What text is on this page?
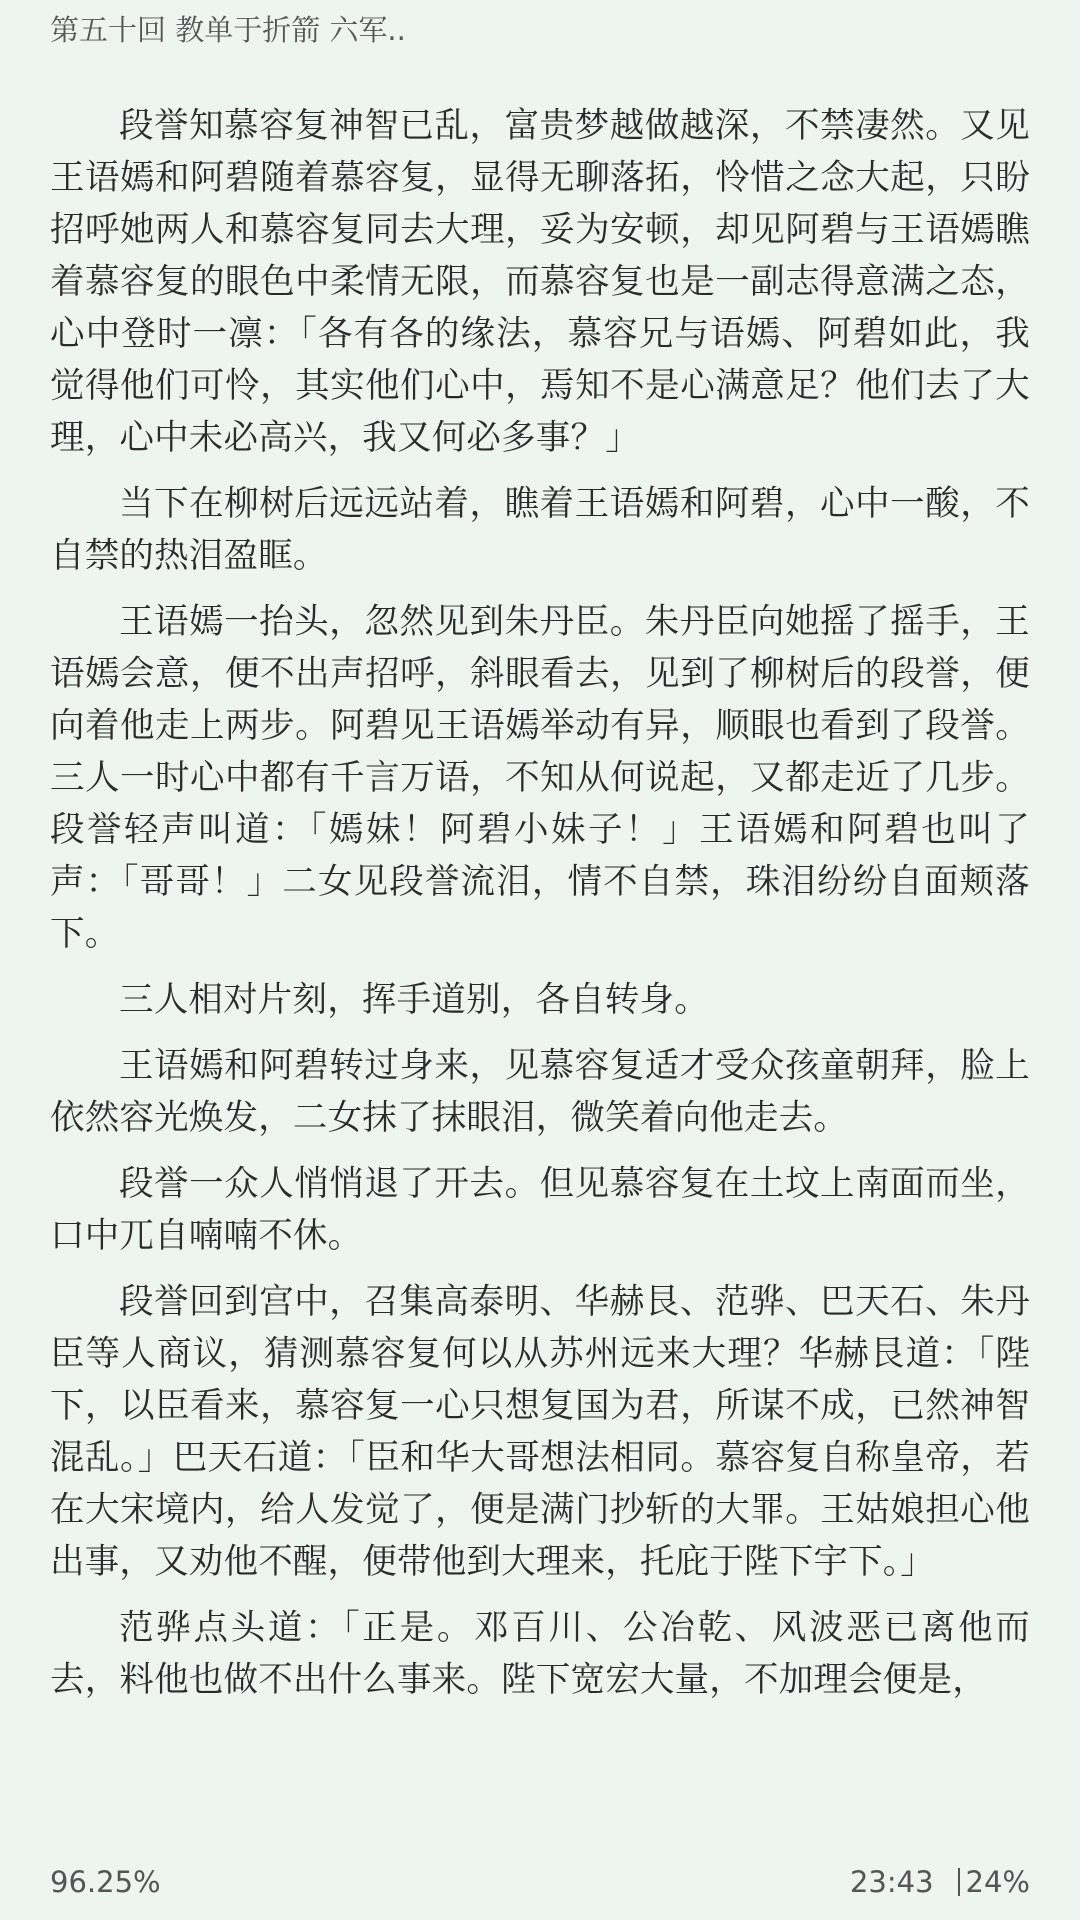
第五十回 教单于折箭 六军..

段誉知慕容复神智已乱，富贵梦越做越深，不禁凄然。又见王语嫣和阿碧随着慕容复，显得无聊落拓，怜惜之念大起，只盼招呼她两人和慕容复同去大理，妥为安顿，却见阿碧与王语嫣瞧着慕容复的眼色中柔情无限，而慕容复也是一副志得意满之态，心中登时一凛：「各有各的缘法，慕容兄与语嫣、阿碧如此，我觉得他们可怜，其实他们心中，焉知不是心满意足？他们去了大理，心中未必高兴，我又何必多事？」

当下在柳树后远远站着，瞧着王语嫣和阿碧，心中一酸，不自禁的热泪盈眶。

王语嫣一抬头，忽然见到朱丹臣。朱丹臣向她摇了摇手，王语嫣会意，便不出声招呼，斜眼看去，见到了柳树后的段誉，便向着他走上两步。阿碧见王语嫣举动有异，顺眼也看到了段誉。三人一时心中都有千言万语，不知从何说起，又都走近了几步。段誉轻声叫道：「嫣妹！阿碧小妹子！」王语嫣和阿碧也叫了声：「哥哥！」二女见段誉流泪，情不自禁，珠泪纷纷自面颊落下。

三人相对片刻，挥手道别，各自转身。

王语嫣和阿碧转过身来，见慕容复适才受众孩童朝拜，脸上依然容光焕发，二女抹了抹眼泪，微笑着向他走去。

段誉一众人悄悄退了开去。但见慕容复在土坟上南面而坐，口中兀自喃喃不休。

段誉回到宫中，召集高泰明、华赫艮、范骅、巴天石、朱丹臣等人商议，猜测慕容复何以从苏州远来大理？华赫艮道：「陛下，以臣看来，慕容复一心只想复国为君，所谋不成，已然神智混乱。」巴天石道：「臣和华大哥想法相同。慕容复自称皇帝，若在大宋境内，给人发觉了，便是满门抄斩的大罪。王姑娘担心他出事，又劝他不醒，便带他到大理来，托庇于陛下宇下。」

范骅点头道：「正是。邓百川、公冶乾、风波恶已离他而去，料他也做不出什么事来。陛下宽宏大量，不加理会便是，

96.25%	23:43 24%
